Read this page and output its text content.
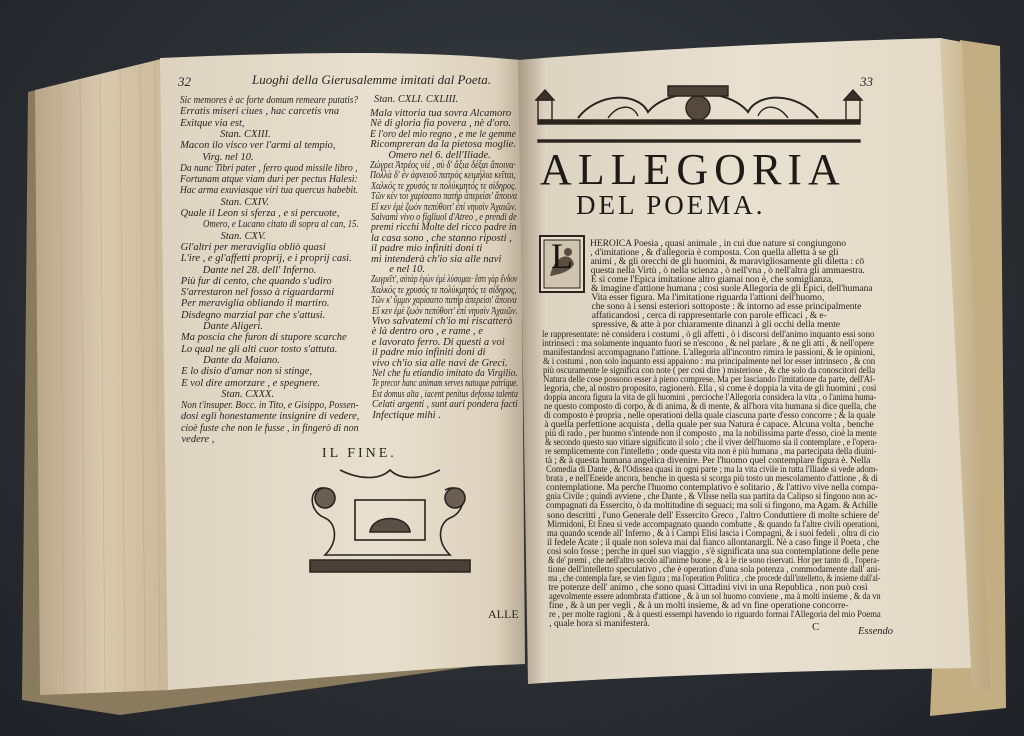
32	Luoghi della Gierusalemme imitati dal Poeta.
Stan. CXLI. CXLIII.
Sic memores è ac forte domum remeare putatis?
Erratis miseri ciues , hac carcetis vna
Exitque via est,
Stan. CXIII.
Macon ilo visco ver l'armi al tempio,
Virg. nel 10.
Da nunc Tibri pater , ferro quod missile libro ,
Fortunam atque viam duri per pectus Halesi:
Hac arma exuviasque viri tua quercus habebit.
Stan. CXIV.
Quale il Leon si sferza , e si percuote,
Omero, e Lucano citato di sopra al can, 15.
Stan. CXV.
Gl'altri per meraviglia obliò quasi
L'ire , e gl'affetti proprij, e i proprij casi.
Dante nel 28. dell' Inferno.
Più fur di cento, che quando s'udiro
S'arrestaron nel fosso à riguardarmi
Per meraviglia obliando il martiro.
Disdegno marzial par che s'attusi.
Dante Aligeri.
Ma poscia che furon di stupore scarche
Lo qual ne gli alti cuor tosto s'attuta.
Dante da Maiano.
E lo disio d'amar non si stinge,
E vol dire amorzare , e spegnere.
Stan. CXXX.
Non t'insuper. Bocc. in Tito, e Gisippo, Possen-
dosi egli honestamente insignire di vedere,
cioè fuste che non le fusse , in fingerò di non
vedere ,
Mala vittoria tua sovra Alcamoro
Nè di gloria fia povera , nè d'oro.
E l'oro del mio regno , e me le gemme
Ricompreran da la pietosa moglie.
Omero nel 6. dell'Iliade.
Ζώγρει Ἀτρέος υἱέ , σὺ δ' ἄξια δέξαι ἄποινα·
Πολλὰ δ' ἐν ἀφνειοῦ πατρὸς κειμήλια κεῖται,
Χαλκός τε χρυσός τε πολύκμητός τε σίδηρος.
Τῶν κέν τοι χαρίσαιτο πατὴρ ἀπερείσι' ἄποινα
Εἴ κεν ἐμὲ ζωὸν πεπύθοιτ' ἐπὶ νηυσὶν Ἀχαιῶν.
Salvami vivo o figliuol d'Atreo , e prendi de
premi ricchi Molte del ricco padre in
la casa sono , che stanno riposti ,
il padre mio infiniti doni ti
mi intenderà ch'io sia alle navi
e nel 10.
Ζωγρεῖτ', αὐτὰρ ἐγὼν ἐμὲ λύσομαι· ἔστι γὰρ ἔνδον
Χαλκός τε χρυσός τε πολύκμητός τε σίδηρος,
Τῶν κ' ὔμμιν χαρίσαιτο πατὴρ ἀπερείσι' ἄποινα
Εἴ κεν ἐμὲ ζωὸν πεπύθοιτ' ἐπὶ νηυσὶν Ἀχαιῶν.
Vivo salvatemi ch'io mi riscatterò
è là dentro oro , e rame , e
e lavorato ferro. Di questi a voi
il padre mio infiniti doni di
vivo ch'io sia alle navi de Greci.
Nel che fu etiandio imitato da Virgilio.
Te precor hanc animam serves natoque patrique.
Est domus alta , iacent penitus defossa talenta
Celati argenti , sunt auri pondera facti
Infectique mihi .
IL FINE.
ALLE
33
ALLEGORIA
DEL POEMA.
L HEROICA Poesia , quasi animale , in cui due nature si congiungono
, d'imitatione , & d'allegoria è composta. Con quella alletta à se gli
animi , & gli orecchi de gli huomini, & maravigliosamente gli diletta : cō
questa nella Virtù , ò nella scienza , ò nell'vna , ò nell'altra gli ammaestra.
E sì come l'Epica imitatione altro giamai non è, che somiglianza,
& imagine d'attione humana ; così suole Allegoria de gli Epici, dell'humana
Vita esser figura. Ma l'imitatione riguarda l'attioni dell'huomo,
che sono à i sensi esteriori sottoposte : & intorno ad esse principalmente
affaticandosi , cerca di rappresentarle con parole efficaci , & e-
spressive, & atte à por chiaramente dinanzi à gli occhi della mente
le rappresentate: nè considera i costumi , ò gli affetti , ò i discorsi dell'animo inquanto essi sono
intrinseci : ma solamente inquanto fuori se n'escono , & nel parlare , & ne gli atti , & nell'opere
manifestandosi accompagnano l'attione. L'allegoria all'incontro rimira le passioni, & le opinioni,
& i costumi , non solo inquanto essi appaiono : ma principalmente nel lor esser intrinseco , & con
più oscuramente le significa con note ( per così dire ) misteriose , & che solo da conoscitori della
Natura delle cose possono esser à pieno comprese. Ma per lasciando l'imitatione da parte, dell'Al-
legoria, che, al nostro proposito, ragionerò. Ella , sì come è doppia la vita de gli huomini , così
doppia ancora figura la vita de gli huomini , percioche l'Allegoria considera la vita , o l'anima huma-
ne questo composto di corpo, & di anima, & di mente, & all'hora vita humana si dice quella, che
di composto è propria , nelle operationi della quale ciascuna parte d'esso concorre ; & la quale
à quella perfettione acquista , della quale per sua Natura è capace. Alcuna volta , benche
più di rado , per huomo s'intende non il composto , ma la nobilissima parte d'esso, cioè la mente
& secondo questo suo vitiare significato il solo ; che il viver dell'huomo sia il contemplare , e l'opera-
re semplicemente con l'intelletto ; onde questa vita non è più humana , ma partecipata della diuini-
tà ; & à questa humana angelica divenire. Per l'huomo quel contemplare figura è. Nella
Comedia di Dante , & l'Odissea quasi in ogni parte ; ma la vita civile in tutta l'Iliade si vede adom-
brata , e nell'Eneide ancora, benche in questa si scorga più tosto un mescolamento d'attione , & di
contemplatione. Ma perche l'huomo contemplativo è solitario , & l'attivo vive nella compa-
gnia Civile ; quindi avviene , che Dante , & Vlisse nella sua partita da Calipso si fingono non ac-
compagnati da Essercito, ò da moltitudine di seguaci; ma soli si fingono, ma Agam. & Achille
sono descritti , l'uno Generale dell' Essercito Greco , l'altro Conduttiere di molte schiere de'
Mirmidoni, Et Enea si vede accompagnato quando combatte , & quando fa l'altre civili operationi,
ma quando scende all' Inferno , & à i Campi Elisi lascia i Compagni, & i suoi fedeli , oltra di cio
il fedele Acate ; il quale non soleva mai dal fianco allontanargli. Nè a caso finge il Poeta , che
così solo fosse ; perche in quel suo viaggio , s'è significata una sua contemplatione delle pene
& de' premi , che nell'altro secolo all'anime buone , & à le rie sono riservati. Hor per tanto di , l'opera-
tione dell'intelletto speculativo , che è operation d'una sola potenza , commodamente dall' ani-
ma , che contempla fare, se vien figura ; ma l'operation Politica , che procede dall'intelletto, & insieme dall'al-
tre potenze dell' animo , che sono quasi Cittadini vivi in una Republica , non può così
agevolmente essere adombrata d'attione , & à un sol huomo conviene , ma à molti insieme , & da vn
fine , & à un per vegli , & à un molti insieme, & ad vn fine operatione concorre-
re , per molte ragioni , & à questi essempi havendo io riguardo formai l'Allegoria del mio Poema
, quale hora si manifesterà.	C	Essendo
